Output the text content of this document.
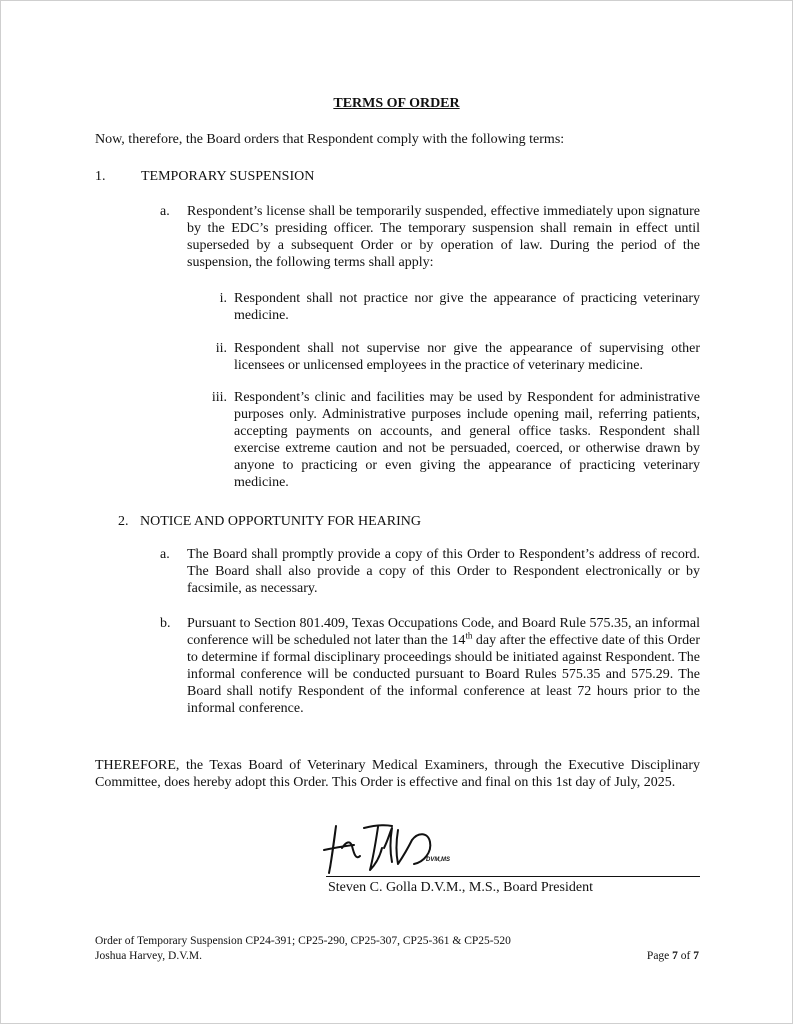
TERMS OF ORDER
Now, therefore, the Board orders that Respondent comply with the following terms:
1.	TEMPORARY SUSPENSION
a. Respondent’s license shall be temporarily suspended, effective immediately upon signature by the EDC’s presiding officer. The temporary suspension shall remain in effect until superseded by a subsequent Order or by operation of law. During the period of the suspension, the following terms shall apply:
i. Respondent shall not practice nor give the appearance of practicing veterinary medicine.
ii. Respondent shall not supervise nor give the appearance of supervising other licensees or unlicensed employees in the practice of veterinary medicine.
iii. Respondent’s clinic and facilities may be used by Respondent for administrative purposes only. Administrative purposes include opening mail, referring patients, accepting payments on accounts, and general office tasks. Respondent shall exercise extreme caution and not be persuaded, coerced, or otherwise drawn by anyone to practicing or even giving the appearance of practicing veterinary medicine.
2. NOTICE AND OPPORTUNITY FOR HEARING
a. The Board shall promptly provide a copy of this Order to Respondent’s address of record. The Board shall also provide a copy of this Order to Respondent electronically or by facsimile, as necessary.
b. Pursuant to Section 801.409, Texas Occupations Code, and Board Rule 575.35, an informal conference will be scheduled not later than the 14th day after the effective date of this Order to determine if formal disciplinary proceedings should be initiated against Respondent. The informal conference will be conducted pursuant to Board Rules 575.35 and 575.29. The Board shall notify Respondent of the informal conference at least 72 hours prior to the informal conference.
THEREFORE, the Texas Board of Veterinary Medical Examiners, through the Executive Disciplinary Committee, does hereby adopt this Order. This Order is effective and final on this 1st day of July, 2025.
DVM,MS
Steven C. Golla D.V.M., M.S., Board President
Order of Temporary Suspension CP24-391; CP25-290, CP25-307, CP25-361 & CP25-520
Joshua Harvey, D.V.M.	Page 7 of 7
